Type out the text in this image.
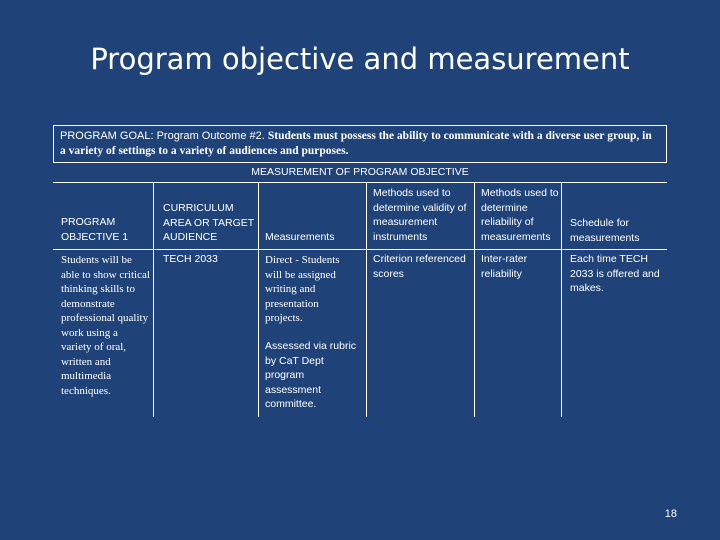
Program objective and measurement
PROGRAM GOAL: Program Outcome #2. Students must possess the ability to communicate with a diverse user group, in a variety of settings to a variety of audiences and purposes.
MEASUREMENT OF PROGRAM OBJECTIVE
PROGRAM OBJECTIVE 1
CURRICULUM AREA OR TARGET AUDIENCE	Measurements
Methods used to determine validity of measurement instruments
Methods used to determine reliability of measurements
Schedule for measurements
Students will be able to show critical thinking skills to demonstrate professional quality work using a variety of oral, written and multimedia techniques.
TECH 2033	Direct - Students will be assigned writing and presentation projects.
Assessed via rubric by CaT Dept program assessment committee.
Criterion referenced scores
Inter-rater reliability
Each time TECH 2033 is offered and makes.
18
